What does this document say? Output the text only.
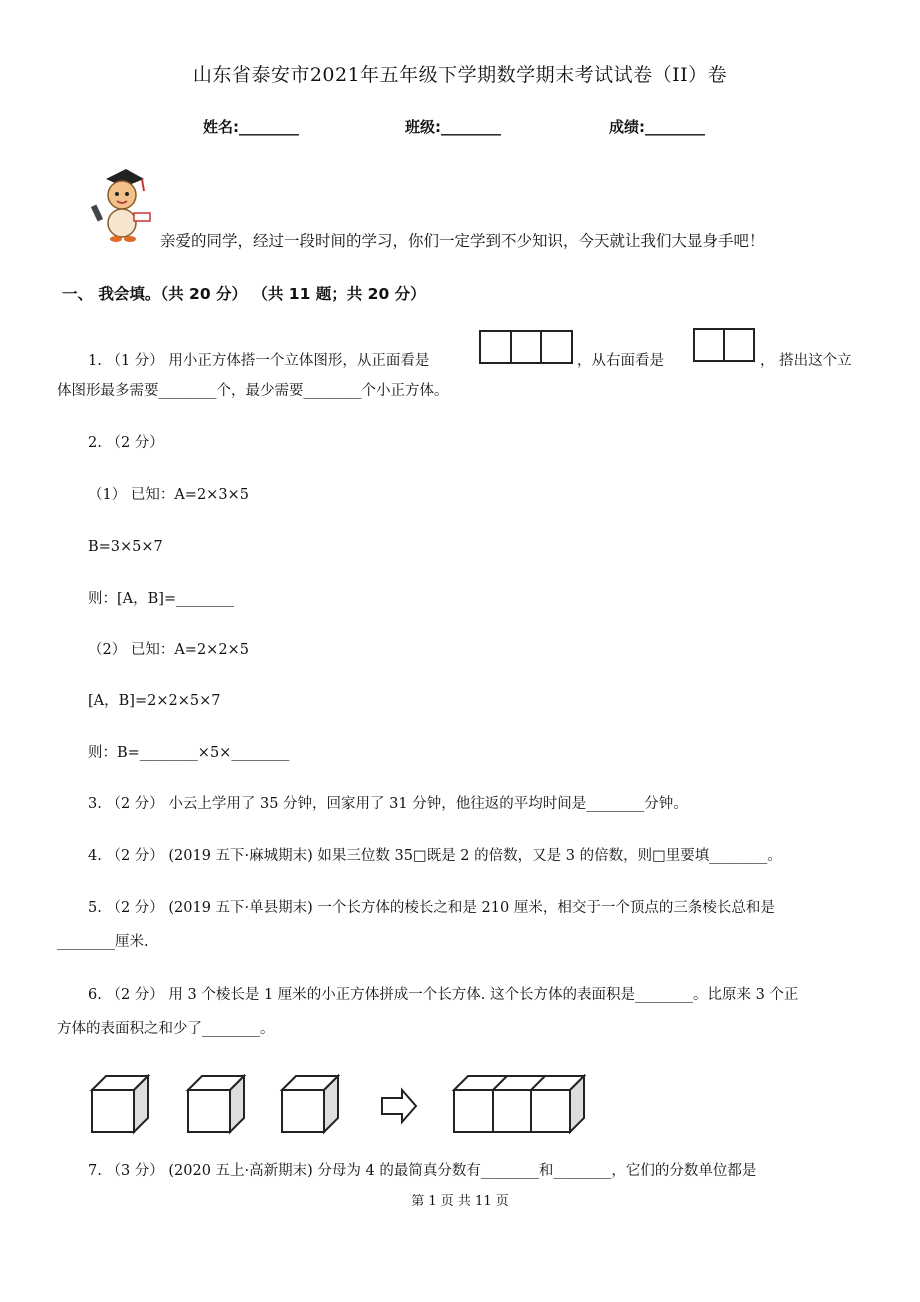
山东省泰安市2021年五年级下学期数学期末考试试卷（II）卷
姓名:________	班级:________	成绩:________
亲爱的同学，经过一段时间的学习，你们一定学到不少知识，今天就让我们大显身手吧！
一、 我会填。（共 20 分） （共 11 题；共 20 分）
1. （1 分） 用小正方体搭一个立体图形，从正面看是	，从右面看是	， 搭出这个立
体图形最多需要________个，最少需要________个小正方体。
2. （2 分）
（1） 已知：A=2×3×5
B=3×5×7
则：[A，B]=________
（2） 已知：A=2×2×5
[A，B]=2×2×5×7
则：B=________×5×________
3. （2 分） 小云上学用了 35 分钟，回家用了 31 分钟，他往返的平均时间是________分钟。
4. （2 分） (2019 五下·麻城期末) 如果三位数 35□既是 2 的倍数，又是 3 的倍数，则□里要填________。
5. （2 分） (2019 五下·单县期末) 一个长方体的棱长之和是 210 厘米，相交于一个顶点的三条棱长总和是
________厘米.
6. （2 分） 用 3 个棱长是 1 厘米的小正方体拼成一个长方体. 这个长方体的表面积是________。比原来 3 个正
方体的表面积之和少了________。
7. （3 分） (2020 五上·高新期末) 分母为 4 的最简真分数有________和________，它们的分数单位都是
第 1 页 共 11 页
